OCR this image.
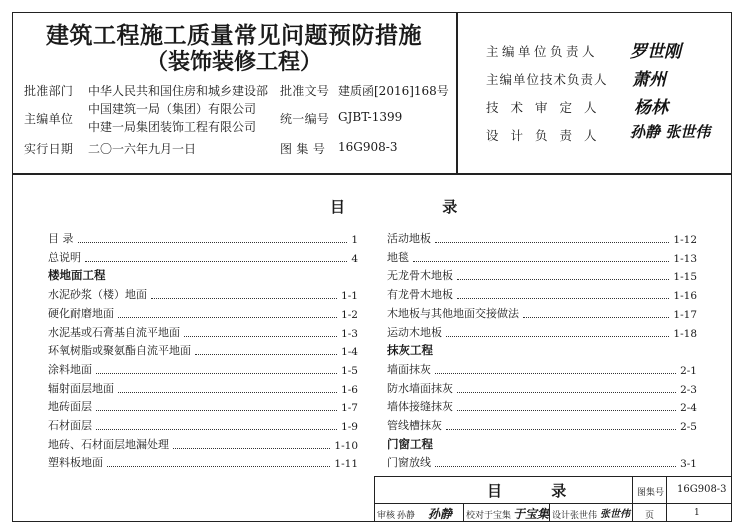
建筑工程施工质量常见问题预防措施
（装饰装修工程）
批准部门 中华人民共和国住房和城乡建设部 批准文号 建质函[2016]168号
主编单位
中国建筑一局（集团）有限公司
中建一局集团装饰工程有限公司
统一编号 GJBT-1399
实行日期 二〇一六年九月一日	图 集 号 16G908-3
主编单位负责人 罗世刚
主编单位技术负责人 萧州
技术审定人 杨林
设计负责人 孙静 张世伟
目 录
目 录	1
总说明	4
楼地面工程
水泥砂浆（楼）地面	1-1
硬化耐磨地面	1-2
水泥基或石膏基自流平地面	1-3
环氧树脂或聚氨酯自流平地面	1-4
涂料地面	1-5
辐射面层地面	1-6
地砖面层	1-7
石材面层	1-9
地砖、石材面层地漏处理	1-10
塑料板地面	1-11
活动地板	1-12
地毯	1-13
无龙骨木地板	1-15
有龙骨木地板	1-16
木地板与其他地面交接做法	1-17
运动木地板	1-18
抹灰工程
墙面抹灰	2-1
防水墙面抹灰	2-3
墙体接缝抹灰	2-4
管线槽抹灰	2-5
门窗工程
门窗放线	3-1
目 录	图集号 16G908-3
页	1
审核 孙静 孙静 校对 于宝集 于宝集 设计 张世伟 张世伟
